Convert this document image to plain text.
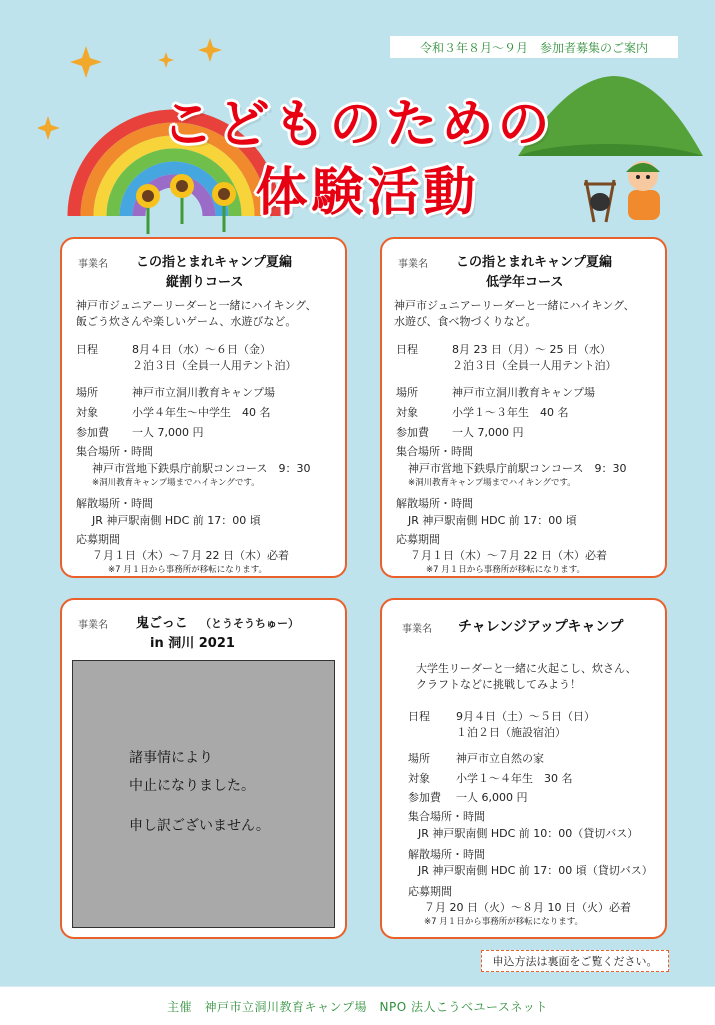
令和３年８月〜９月　参加者募集のご案内
こどものための
体験活動
事業名 この指とまれキャンプ夏編
縦割りコース
神戸市ジュニアーリーダーと一緒にハイキング、
飯ごう炊さんや楽しいゲーム、水遊びなど。
日程	8月４日（水）〜６日（金）
２泊３日（全員一人用テント泊）
場所	神戸市立洞川教育キャンプ場
対象	小学４年生〜中学生　40 名
参加費 一人 7,000 円
集合場所・時間
神戸市営地下鉄県庁前駅コンコース　9：30
※洞川教育キャンプ場までハイキングです。
解散場所・時間
JR 神戸駅南側 HDC 前 17：00 頃
応募期間
７月１日（木）〜７月 22 日（木）必着
※7 月１日から事務所が移転になります。
事業名 この指とまれキャンプ夏編
低学年コース
神戸市ジュニアーリーダーと一緒にハイキング、
水遊び、食べ物づくりなど。
日程	8月 23 日（月）〜 25 日（水）
２泊３日（全員一人用テント泊）
場所	神戸市立洞川教育キャンプ場
対象	小学１〜３年生　40 名
参加費 一人 7,000 円
集合場所・時間
神戸市営地下鉄県庁前駅コンコース　9：30
※洞川教育キャンプ場までハイキングです。
解散場所・時間
JR 神戸駅南側 HDC 前 17：00 頃
応募期間
７月１日（木）〜７月 22 日（木）必着
※7 月１日から事務所が移転になります。
事業名 鬼ごっこ （とうそうちゅー）
in 洞川 2021
諸事情により
中止になりました。
申し訳ございません。
事業名 チャレンジアップキャンプ
大学生リーダーと一緒に火起こし、炊さん、
クラフトなどに挑戦してみよう！
日程 9月４日（土）〜５日（日）
１泊２日（施設宿泊）
場所 神戸市立自然の家
対象 小学１〜４年生　30 名
参加費 一人 6,000 円
集合場所・時間
JR 神戸駅南側 HDC 前 10：00（貸切バス）
解散場所・時間
JR 神戸駅南側 HDC 前 17：00 頃（貸切バス）
応募期間
７月 20 日（火）〜８月 10 日（火）必着
※7 月１日から事務所が移転になります。
申込方法は裏面をご覧ください。
主催　神戸市立洞川教育キャンプ場　NPO 法人こうべユースネット
